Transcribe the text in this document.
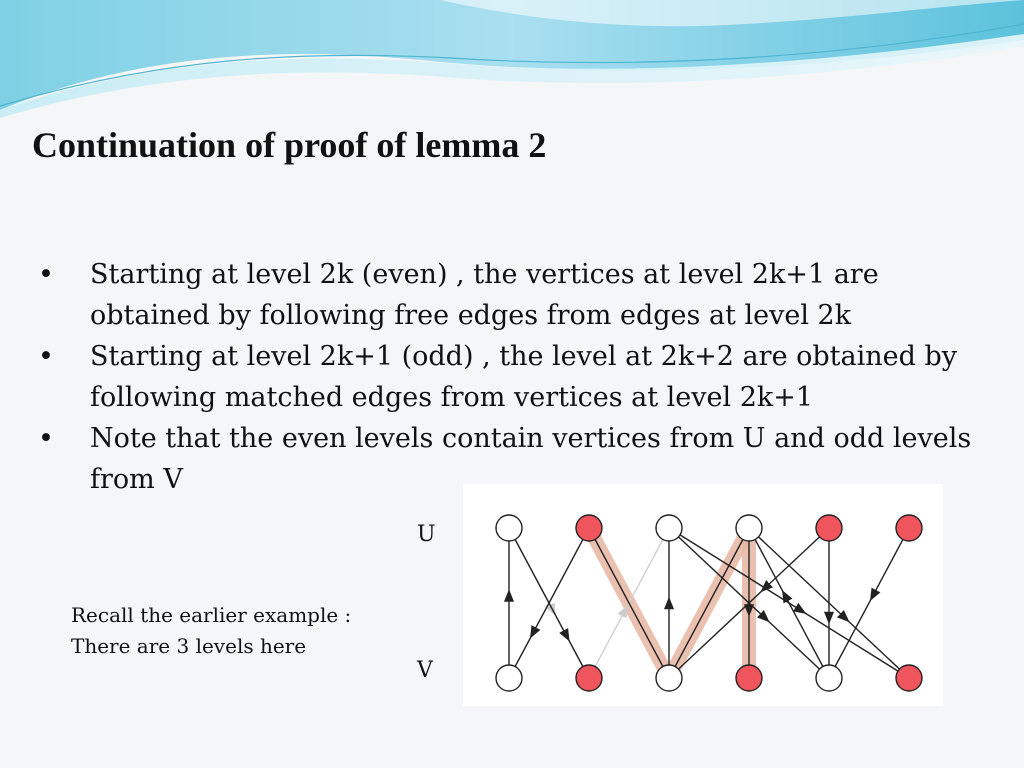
Continuation of proof of lemma 2
• Starting at level 2k (even) , the vertices at level 2k+1 are obtained by following free edges from edges at level 2k
• Starting at level 2k+1 (odd) , the level at 2k+2 are obtained by following matched edges from vertices at level 2k+1
• Note that the even levels contain vertices from U and odd levels from V
Recall the earlier example :
There are 3 levels here
U
V
